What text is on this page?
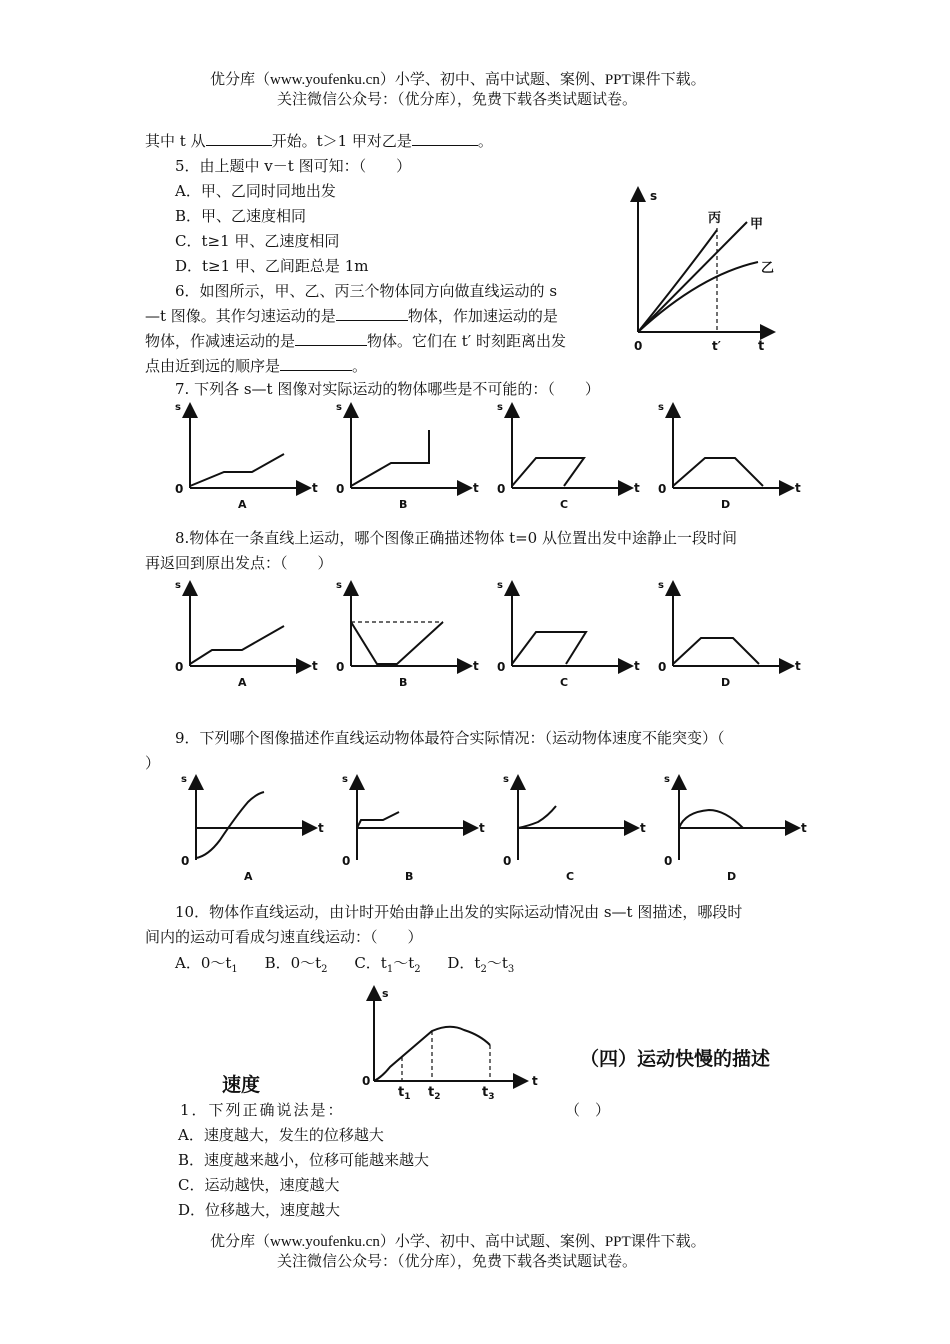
优分库（www.youfenku.cn）小学、初中、高中试题、案例、PPT课件下载。
关注微信公众号：（优分库），免费下载各类试题试卷。
其中 t 从	开始。t＞1 甲对乙是	。
5．由上题中 v－t 图可知：（　　）
A．甲、乙同时同地出发
B．甲、乙速度相同
C．t≥1 甲、乙速度相同
D．t≥1 甲、乙间距总是 1m
6．如图所示，甲、乙、丙三个物体同方向做直线运动的 s
—t 图像。其作匀速运动的是	物体，作加速运动的是
物体，作减速运动的是	物体。它们在 t′ 时刻距离出发
点由近到远的顺序是	。
s
0	t
t′
丙 甲
乙
7. 下列各 s—t 图像对实际运动的物体哪些是不可能的：（　　）
s
0	t
A
s
0	t
B
s
0	t
C
s
0	t
D
8.物体在一条直线上运动，哪个图像正确描述物体 t=0 从位置出发中途静止一段时间
再返回到原出发点：（　　）
s
0	t
A
s
0	t
B
s
0	t
C
s
0	t
D
9．下列哪个图像描述作直线运动物体最符合实际情况：（运动物体速度不能突变）（
）
s
0
t
A
s
0
t
B
s
0
t
C
s
0
t
D
10．物体作直线运动，由计时开始由静止出发的实际运动情况由 s—t 图描述，哪段时
间内的运动可看成匀速直线运动：（　　）
A．$0\sim t_1$ B．$0\sim t_2$ C．$t_1\sim t_2$ D．$t_2\sim t_3$
s
0	t
$t_1$ $t_2$	$t_3$
（四）运动快慢的描述
速度
1．下列正确说法是：	（　）
A．速度越大，发生的位移越大
B．速度越来越小，位移可能越来越大
C．运动越快，速度越大
D．位移越大，速度越大
优分库（www.youfenku.cn）小学、初中、高中试题、案例、PPT课件下载。
关注微信公众号：（优分库），免费下载各类试题试卷。
